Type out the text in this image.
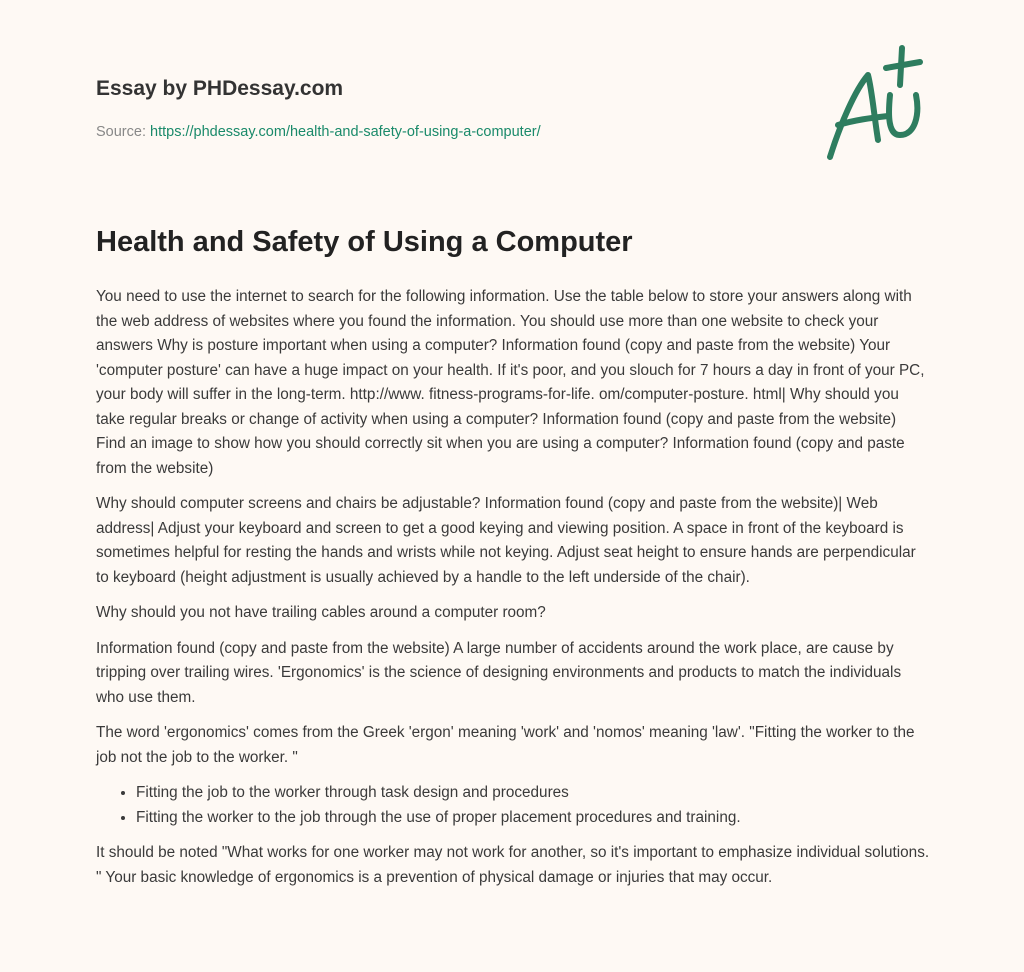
Essay by PHDessay.com
Source: https://phdessay.com/health-and-safety-of-using-a-computer/
Health and Safety of Using a Computer

You need to use the internet to search for the following information. Use the table below to store your answers along with the web address of websites where you found the information. You should use more than one website to check your answers Why is posture important when using a computer? Information found (copy and paste from the website) Your 'computer posture' can have a huge impact on your health. If it's poor, and you slouch for 7 hours a day in front of your PC, your body will suffer in the long-term. http://www. fitness-programs-for-life. om/computer-posture. html| Why should you take regular breaks or change of activity when using a computer? Information found (copy and paste from the website) Find an image to show how you should correctly sit when you are using a computer? Information found (copy and paste from the website)

Why should computer screens and chairs be adjustable? Information found (copy and paste from the website)| Web address| Adjust your keyboard and screen to get a good keying and viewing position. A space in front of the keyboard is sometimes helpful for resting the hands and wrists while not keying. Adjust seat height to ensure hands are perpendicular to keyboard (height adjustment is usually achieved by a handle to the left underside of the chair).

Why should you not have trailing cables around a computer room?

Information found (copy and paste from the website) A large number of accidents around the work place, are cause by tripping over trailing wires. 'Ergonomics' is the science of designing environments and products to match the individuals who use them.

The word 'ergonomics' comes from the Greek 'ergon' meaning 'work' and 'nomos' meaning 'law'. "Fitting the worker to the job not the job to the worker. "

• Fitting the job to the worker through task design and procedures
• Fitting the worker to the job through the use of proper placement procedures and training.

It should be noted "What works for one worker may not work for another, so it's important to emphasize individual solutions. " Your basic knowledge of ergonomics is a prevention of physical damage or injuries that may occur.
